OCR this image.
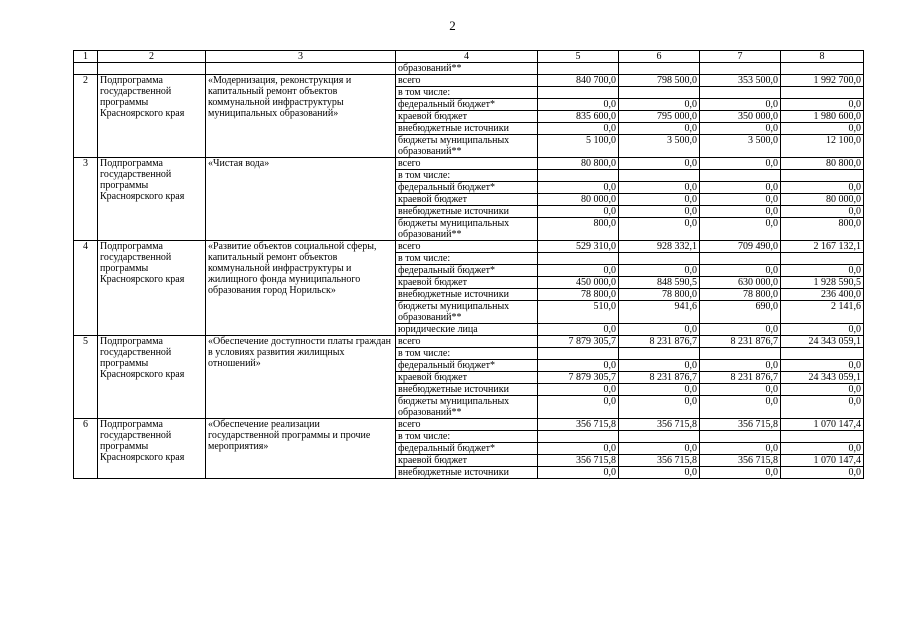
2
1	2	3	4	5	6	7	8
			образований**				
2	Подпрограмма государственной программы Красноярского края	«Модернизация, реконструкция и капитальный ремонт объектов коммунальной инфраструктуры муниципальных образований»	всего	840 700,0	798 500,0	353 500,0	1 992 700,0
			в том числе:				
			федеральный бюджет*	0,0	0,0	0,0	0,0
			краевой бюджет	835 600,0	795 000,0	350 000,0	1 980 600,0
			внебюджетные источники	0,0	0,0	0,0	0,0
			бюджеты муниципальных образований**	5 100,0	3 500,0	3 500,0	12 100,0
3	Подпрограмма государственной программы Красноярского края	«Чистая вода»	всего	80 800,0	0,0	0,0	80 800,0
			в том числе:				
			федеральный бюджет*	0,0	0,0	0,0	0,0
			краевой бюджет	80 000,0	0,0	0,0	80 000,0
			внебюджетные источники	0,0	0,0	0,0	0,0
			бюджеты муниципальных образований**	800,0	0,0	0,0	800,0
4	Подпрограмма государственной программы Красноярского края	«Развитие объектов социальной сферы, капитальный ремонт объектов коммунальной инфраструктуры и жилищного фонда муниципального образования город Норильск»	всего	529 310,0	928 332,1	709 490,0	2 167 132,1
			в том числе:				
			федеральный бюджет*	0,0	0,0	0,0	0,0
			краевой бюджет	450 000,0	848 590,5	630 000,0	1 928 590,5
			внебюджетные источники	78 800,0	78 800,0	78 800,0	236 400,0
			бюджеты муниципальных образований**	510,0	941,6	690,0	2 141,6
			юридические лица	0,0	0,0	0,0	0,0
5	Подпрограмма государственной программы Красноярского края	«Обеспечение доступности платы граждан в условиях развития жилищных отношений»	всего	7 879 305,7	8 231 876,7	8 231 876,7	24 343 059,1
			в том числе:				
			федеральный бюджет*	0,0	0,0	0,0	0,0
			краевой бюджет	7 879 305,7	8 231 876,7	8 231 876,7	24 343 059,1
			внебюджетные источники	0,0	0,0	0,0	0,0
			бюджеты муниципальных образований**	0,0	0,0	0,0	0,0
6	Подпрограмма государственной программы Красноярского края	«Обеспечение реализации государственной программы и прочие мероприятия»	всего	356 715,8	356 715,8	356 715,8	1 070 147,4
			в том числе:				
			федеральный бюджет*	0,0	0,0	0,0	0,0
			краевой бюджет	356 715,8	356 715,8	356 715,8	1 070 147,4
			внебюджетные источники	0,0	0,0	0,0	0,0
